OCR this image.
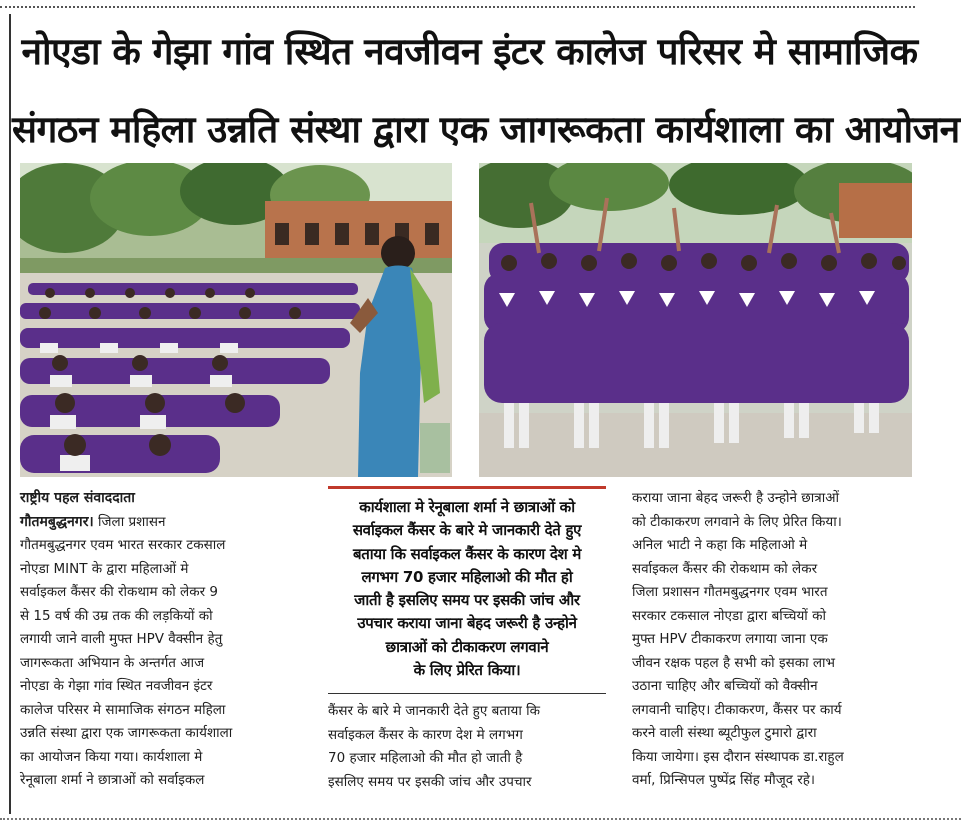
नोएडा के गेझा गांव स्थित नवजीवन इंटर कालेज परिसर मे सामाजिक
संगठन महिला उन्नति संस्था द्वारा एक जागरूकता कार्यशाला का आयोजन

राष्ट्रीय पहल संवाददाता

गौतमबुद्धनगर। जिला प्रशासन

गौतमबुद्धनगर एवम भारत सरकार टकसाल

नोएडा MINT के द्वारा महिलाओं मे

सर्वाइकल कैंसर की रोकथाम को लेकर 9

से 15 वर्ष की उम्र तक की लड़कियों को

लगायी जाने वाली मुफ्त HPV वैक्सीन हेतु

जागरूकता अभियान के अन्तर्गत आज

नोएडा के गेझा गांव स्थित नवजीवन इंटर

कालेज परिसर मे सामाजिक संगठन महिला

उन्नति संस्था द्वारा एक जागरूकता कार्यशाला

का आयोजन किया गया। कार्यशाला मे

रेनूबाला शर्मा ने छात्राओं को सर्वाइकल

कार्यशाला मे रेनूबाला शर्मा ने छात्राओं को
सर्वाइकल कैंसर के बारे मे जानकारी देते हुए
बताया कि सर्वाइकल कैंसर के कारण देश मे
लगभग 70 हजार महिलाओ की मौत हो
जाती है इसलिए समय पर इसकी जांच और
उपचार कराया जाना बेहद जरूरी है उन्होने
छात्राओं को टीकाकरण लगवाने
के लिए प्रेरित किया।

कैंसर के बारे मे जानकारी देते हुए बताया कि

सर्वाइकल कैंसर के कारण देश मे लगभग

70 हजार महिलाओ की मौत हो जाती है

इसलिए समय पर इसकी जांच और उपचार

कराया जाना बेहद जरूरी है उन्होने छात्राओं

को टीकाकरण लगवाने के लिए प्रेरित किया।

अनिल भाटी ने कहा कि महिलाओ मे

सर्वाइकल कैंसर की रोकथाम को लेकर

जिला प्रशासन गौतमबुद्धनगर एवम भारत

सरकार टकसाल नोएडा द्वारा बच्चियों को

मुफ्त HPV टीकाकरण लगाया जाना एक

जीवन रक्षक पहल है सभी को इसका लाभ

उठाना चाहिए और बच्चियों को वैक्सीन

लगवानी चाहिए। टीकाकरण, कैंसर पर कार्य

करने वाली संस्था ब्यूटीफुल टुमारो द्वारा

किया जायेगा। इस दौरान संस्थापक डा.राहुल

वर्मा, प्रिन्सिपल पुष्पेंद्र सिंह मौजूद रहे।
